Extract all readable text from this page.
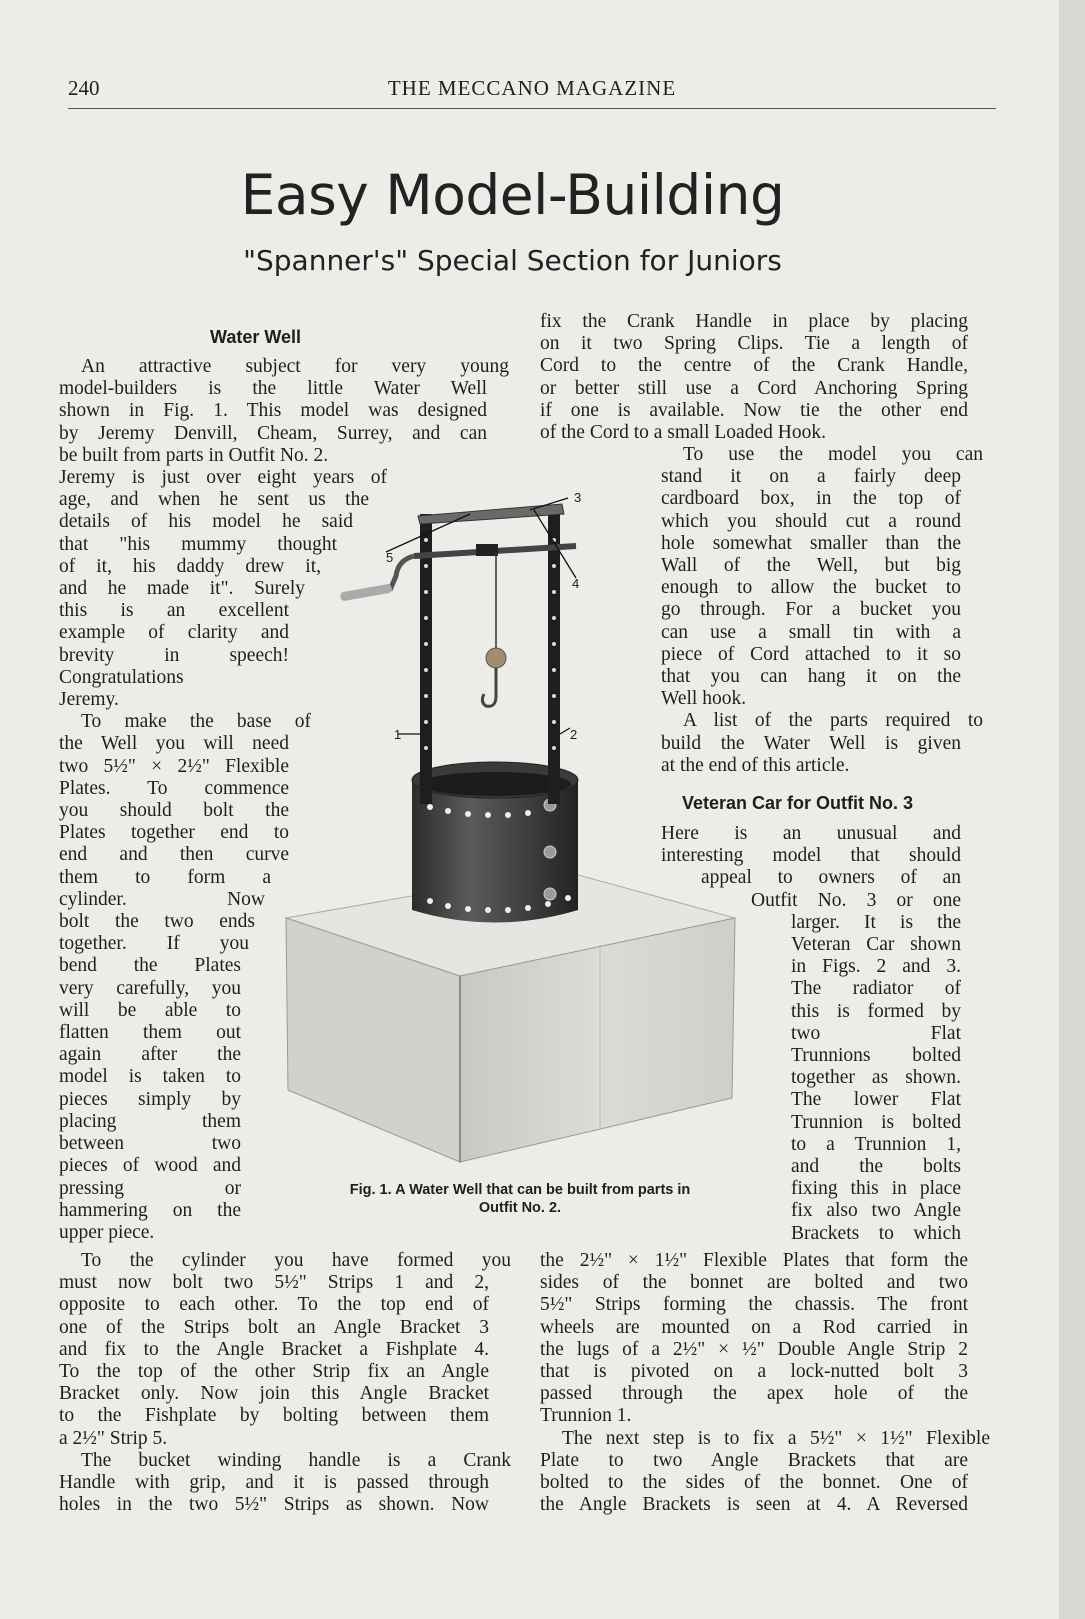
240	THE MECCANO MAGAZINE
Easy Model-Building
"Spanner's" Special Section for Juniors
Water Well
An attractive subject for very young
model-builders is the little Water Well
shown in Fig. 1. This model was designed
by Jeremy Denvill, Cheam, Surrey, and can
be built from parts in Outfit No. 2.
Jeremy is just over eight years of
age, and when he sent us the
details of his model he said
that "his mummy thought
of it, his daddy drew it,
and he made it". Surely
this is an excellent
example of clarity and
brevity in speech!
Congratulations
Jeremy.
To make the base of
the Well you will need
two 5½" × 2½" Flexible
Plates. To commence
you should bolt the
Plates together end to
end and then curve
them to form a
cylinder. Now
bolt the two ends
together. If you
bend the Plates
very carefully, you
will be able to
flatten them out
again after the
model is taken to
pieces simply by
placing them
between two
pieces of wood and
pressing or
hammering on the
upper piece.
To the cylinder you have formed you
must now bolt two 5½" Strips 1 and 2,
opposite to each other. To the top end of
one of the Strips bolt an Angle Bracket 3
and fix to the Angle Bracket a Fishplate 4.
To the top of the other Strip fix an Angle
Bracket only. Now join this Angle Bracket
to the Fishplate by bolting between them
a 2½" Strip 5.
The bucket winding handle is a Crank
Handle with grip, and it is passed through
holes in the two 5½" Strips as shown. Now
fix the Crank Handle in place by placing
on it two Spring Clips. Tie a length of
Cord to the centre of the Crank Handle,
or better still use a Cord Anchoring Spring
if one is available. Now tie the other end
of the Cord to a small Loaded Hook.
To use the model you can
stand it on a fairly deep
cardboard box, in the top of
which you should cut a round
hole somewhat smaller than the
Wall of the Well, but big
enough to allow the bucket to
go through. For a bucket you
can use a small tin with a
piece of Cord attached to it so
that you can hang it on the
Well hook.
A list of the parts required to
build the Water Well is given
at the end of this article.
Veteran Car for Outfit No. 3
Here is an unusual and
interesting model that should
appeal to owners of an
Outfit No. 3 or one
larger. It is the
Veteran Car shown
in Figs. 2 and 3.
The radiator of
this is formed by
two Flat
Trunnions bolted
together as shown.
The lower Flat
Trunnion is bolted
to a Trunnion 1,
and the bolts
fixing this in place
fix also two Angle
Brackets to which
the 2½" × 1½" Flexible Plates that form the
sides of the bonnet are bolted and two
5½" Strips forming the chassis. The front
wheels are mounted on a Rod carried in
the lugs of a 2½" × ½" Double Angle Strip 2
that is pivoted on a lock-nutted bolt 3
passed through the apex hole of the
Trunnion 1.
The next step is to fix a 5½" × 1½" Flexible
Plate to two Angle Brackets that are
bolted to the sides of the bonnet. One of
the Angle Brackets is seen at 4. A Reversed
3
4
5
1	2
Fig. 1. A Water Well that can be built from parts in
Outfit No. 2.
